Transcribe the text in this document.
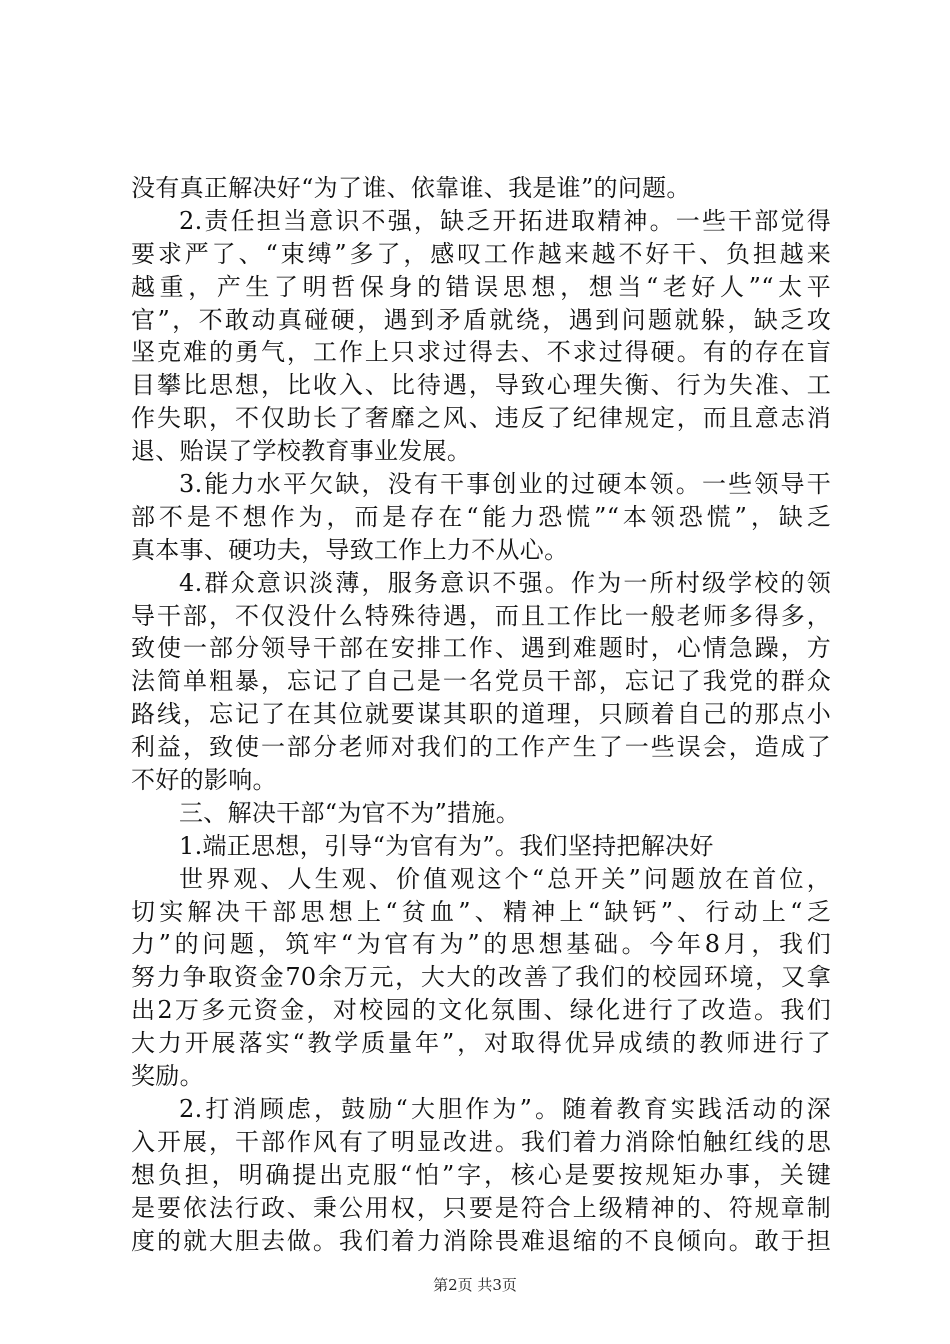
没有真正解决好“为了谁、依靠谁、我是谁”的问题。
2.责任担当意识不强，缺乏开拓进取精神。一些干部觉得
要求严了、“束缚”多了，感叹工作越来越不好干、负担越来
越重，产生了明哲保身的错误思想，想当“老好人”“太平
官”，不敢动真碰硬，遇到矛盾就绕，遇到问题就躲，缺乏攻
坚克难的勇气，工作上只求过得去、不求过得硬。有的存在盲
目攀比思想，比收入、比待遇，导致心理失衡、行为失准、工
作失职，不仅助长了奢靡之风、违反了纪律规定，而且意志消
退、贻误了学校教育事业发展。
3.能力水平欠缺，没有干事创业的过硬本领。一些领导干
部不是不想作为，而是存在“能力恐慌”“本领恐慌”，缺乏
真本事、硬功夫，导致工作上力不从心。
4.群众意识淡薄，服务意识不强。作为一所村级学校的领
导干部，不仅没什么特殊待遇，而且工作比一般老师多得多，
致使一部分领导干部在安排工作、遇到难题时，心情急躁，方
法简单粗暴，忘记了自己是一名党员干部，忘记了我党的群众
路线，忘记了在其位就要谋其职的道理，只顾着自己的那点小
利益，致使一部分老师对我们的工作产生了一些误会，造成了
不好的影响。
三、解决干部“为官不为”措施。
1.端正思想，引导“为官有为”。我们坚持把解决好
世界观、人生观、价值观这个“总开关”问题放在首位，
切实解决干部思想上“贫血”、精神上“缺钙”、行动上“乏
力”的问题，筑牢“为官有为”的思想基础。今年8月，我们
努力争取资金70余万元，大大的改善了我们的校园环境，又拿
出2万多元资金，对校园的文化氛围、绿化进行了改造。我们
大力开展落实“教学质量年”，对取得优异成绩的教师进行了
奖励。
2.打消顾虑，鼓励“大胆作为”。随着教育实践活动的深
入开展，干部作风有了明显改进。我们着力消除怕触红线的思
想负担，明确提出克服“怕”字，核心是要按规矩办事，关键
是要依法行政、秉公用权，只要是符合上级精神的、符规章制
度的就大胆去做。我们着力消除畏难退缩的不良倾向。敢于担
第2页 共3页
